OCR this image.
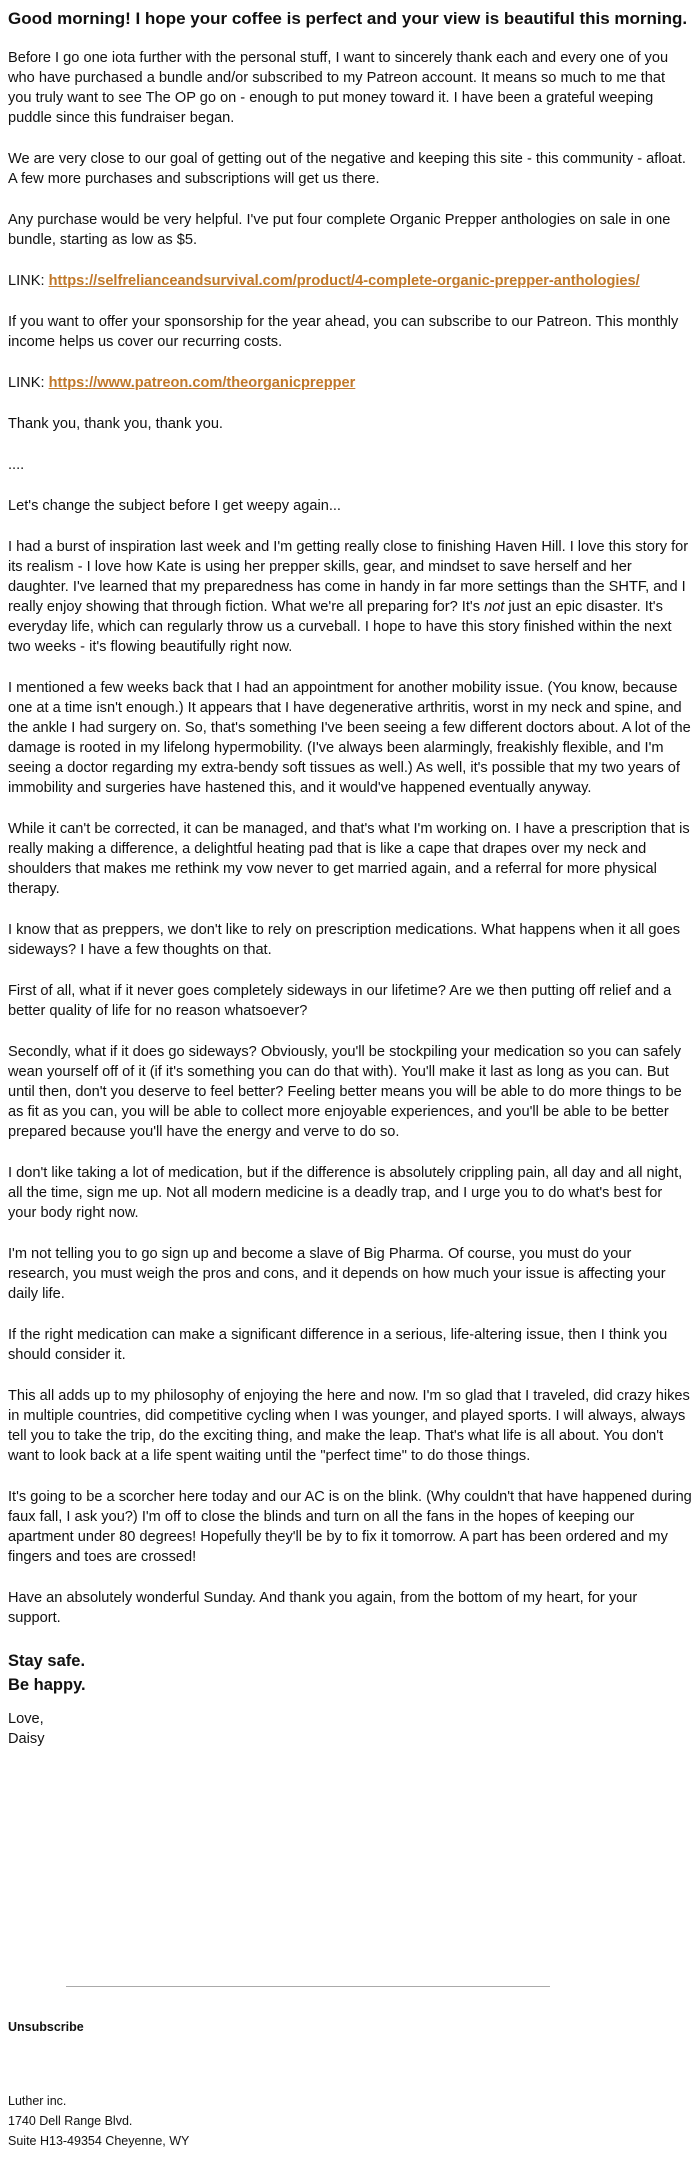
Good morning! I hope your coffee is perfect and your view is beautiful this morning.

Before I go one iota further with the personal stuff, I want to sincerely thank each and every one of you who have purchased a bundle and/or subscribed to my Patreon account. It means so much to me that you truly want to see The OP go on - enough to put money toward it. I have been a grateful weeping puddle since this fundraiser began.

We are very close to our goal of getting out of the negative and keeping this site - this community - afloat. A few more purchases and subscriptions will get us there.

Any purchase would be very helpful. I've put four complete Organic Prepper anthologies on sale in one bundle, starting as low as $5.

LINK: https://selfrelianceandsurvival.com/product/4-complete-organic-prepper-anthologies/

If you want to offer your sponsorship for the year ahead, you can subscribe to our Patreon. This monthly income helps us cover our recurring costs.

LINK: https://www.patreon.com/theorganicprepper

Thank you, thank you, thank you.

....

Let's change the subject before I get weepy again...

I had a burst of inspiration last week and I'm getting really close to finishing Haven Hill. I love this story for its realism - I love how Kate is using her prepper skills, gear, and mindset to save herself and her daughter. I've learned that my preparedness has come in handy in far more settings than the SHTF, and I really enjoy showing that through fiction. What we're all preparing for? It's not just an epic disaster. It's everyday life, which can regularly throw us a curveball. I hope to have this story finished within the next two weeks - it's flowing beautifully right now.

I mentioned a few weeks back that I had an appointment for another mobility issue. (You know, because one at a time isn't enough.) It appears that I have degenerative arthritis, worst in my neck and spine, and the ankle I had surgery on. So, that's something I've been seeing a few different doctors about. A lot of the damage is rooted in my lifelong hypermobility. (I've always been alarmingly, freakishly flexible, and I'm seeing a doctor regarding my extra-bendy soft tissues as well.) As well, it's possible that my two years of immobility and surgeries have hastened this, and it would've happened eventually anyway.

While it can't be corrected, it can be managed, and that's what I'm working on. I have a prescription that is really making a difference, a delightful heating pad that is like a cape that drapes over my neck and shoulders that makes me rethink my vow never to get married again, and a referral for more physical therapy.

I know that as preppers, we don't like to rely on prescription medications. What happens when it all goes sideways? I have a few thoughts on that.

First of all, what if it never goes completely sideways in our lifetime? Are we then putting off relief and a better quality of life for no reason whatsoever?

Secondly, what if it does go sideways? Obviously, you'll be stockpiling your medication so you can safely wean yourself off of it (if it's something you can do that with). You'll make it last as long as you can. But until then, don't you deserve to feel better? Feeling better means you will be able to do more things to be as fit as you can, you will be able to collect more enjoyable experiences, and you'll be able to be better prepared because you'll have the energy and verve to do so.

I don't like taking a lot of medication, but if the difference is absolutely crippling pain, all day and all night, all the time, sign me up. Not all modern medicine is a deadly trap, and I urge you to do what's best for your body right now.

I'm not telling you to go sign up and become a slave of Big Pharma. Of course, you must do your research, you must weigh the pros and cons, and it depends on how much your issue is affecting your daily life.

If the right medication can make a significant difference in a serious, life-altering issue, then I think you should consider it.

This all adds up to my philosophy of enjoying the here and now. I'm so glad that I traveled, did crazy hikes in multiple countries, did competitive cycling when I was younger, and played sports. I will always, always tell you to take the trip, do the exciting thing, and make the leap. That's what life is all about. You don't want to look back at a life spent waiting until the "perfect time" to do those things.

It's going to be a scorcher here today and our AC is on the blink. (Why couldn't that have happened during faux fall, I ask you?) I'm off to close the blinds and turn on all the fans in the hopes of keeping our apartment under 80 degrees! Hopefully they'll be by to fix it tomorrow. A part has been ordered and my fingers and toes are crossed!

Have an absolutely wonderful Sunday. And thank you again, from the bottom of my heart, for your support.

Stay safe.
Be happy.
Love,
Daisy
Unsubscribe
Luther inc.
1740 Dell Range Blvd.
Suite H13-49354 Cheyenne, WY
